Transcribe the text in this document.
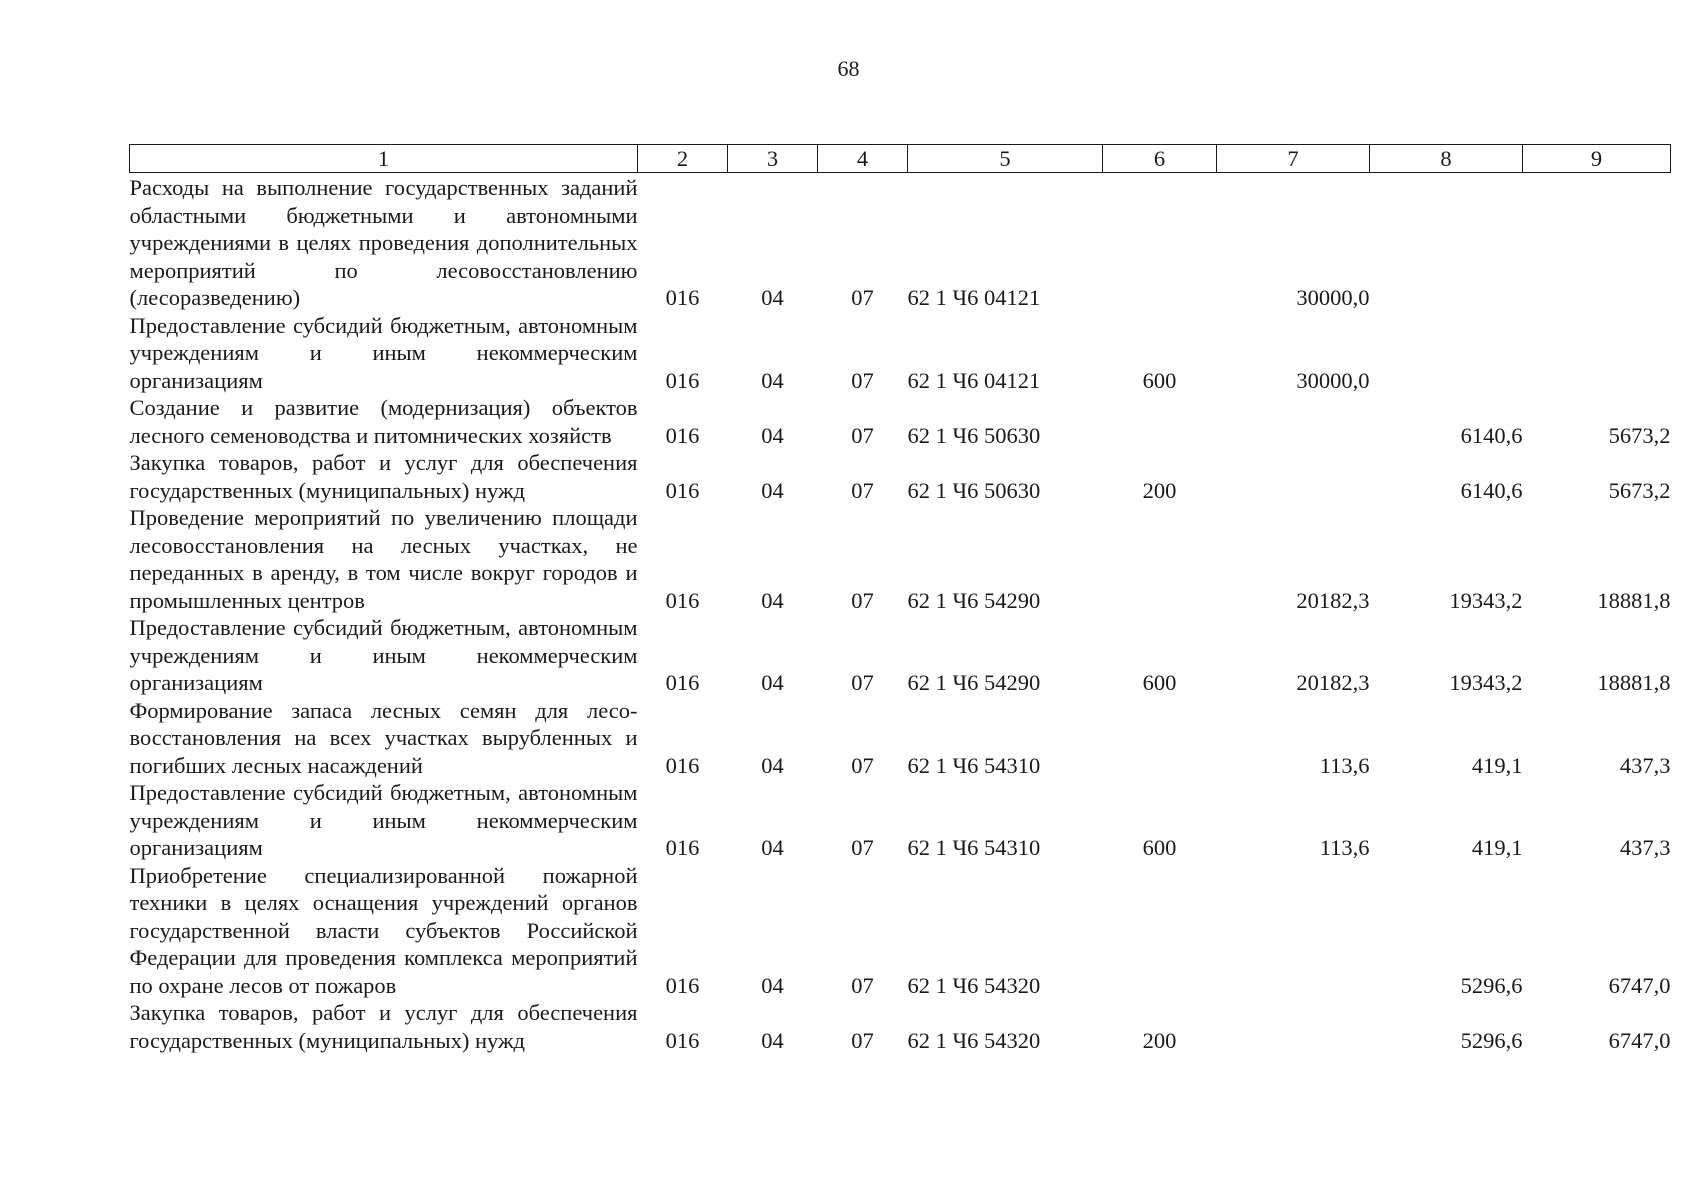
68
1	2	3	4	5	6	7	8	9
Расходы на выполнение государственных заданий областными бюджетными и автономными учреждениями в целях проведения дополнительных мероприятий по лесовосстановлению (лесоразведению)	016	04	07	62 1 Ч6 04121		30000,0		
Предоставление субсидий бюджетным, автономным учреждениям и иным некоммерческим организациям	016	04	07	62 1 Ч6 04121	600	30000,0		
Создание и развитие (модернизация) объектов лесного семеноводства и питомнических хозяйств	016	04	07	62 1 Ч6 50630			6140,6	5673,2
Закупка товаров, работ и услуг для обеспечения государственных (муниципальных) нужд	016	04	07	62 1 Ч6 50630	200		6140,6	5673,2
Проведение мероприятий по увеличению площади лесовосстановления на лесных участках, не переданных в аренду, в том числе вокруг городов и промышленных центров	016	04	07	62 1 Ч6 54290		20182,3	19343,2	18881,8
Предоставление субсидий бюджетным, автономным учреждениям и иным некоммерческим организациям	016	04	07	62 1 Ч6 54290	600	20182,3	19343,2	18881,8
Формирование запаса лесных семян для лесовосстановления на всех участках вырубленных и погибших лесных насаждений	016	04	07	62 1 Ч6 54310		113,6	419,1	437,3
Предоставление субсидий бюджетным, автономным учреждениям и иным некоммерческим организациям	016	04	07	62 1 Ч6 54310	600	113,6	419,1	437,3
Приобретение специализированной пожарной техники в целях оснащения учреждений органов государственной власти субъектов Российской Федерации для проведения комплекса мероприятий по охране лесов от пожаров	016	04	07	62 1 Ч6 54320			5296,6	6747,0
Закупка товаров, работ и услуг для обеспечения государственных (муниципальных) нужд	016	04	07	62 1 Ч6 54320	200		5296,6	6747,0
